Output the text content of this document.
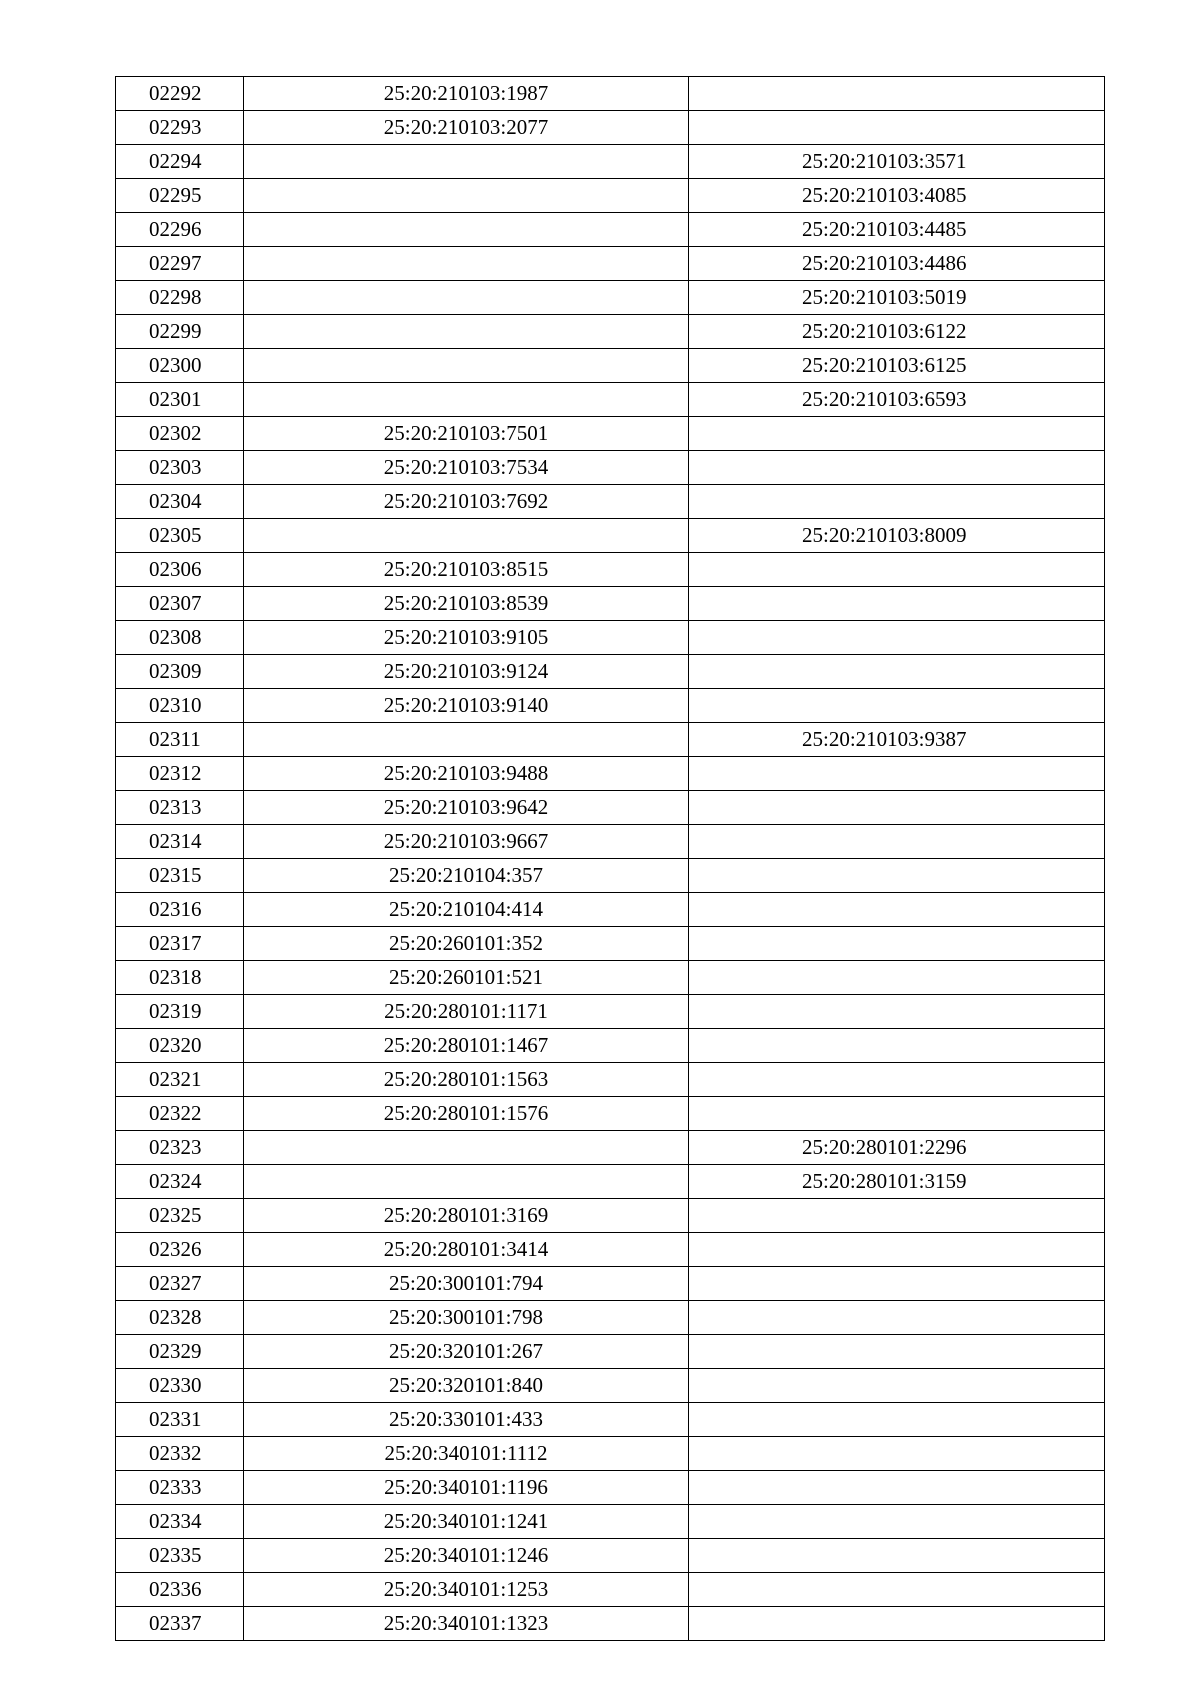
02292	25:20:210103:1987	
02293	25:20:210103:2077	
02294		25:20:210103:3571
02295		25:20:210103:4085
02296		25:20:210103:4485
02297		25:20:210103:4486
02298		25:20:210103:5019
02299		25:20:210103:6122
02300		25:20:210103:6125
02301		25:20:210103:6593
02302	25:20:210103:7501	
02303	25:20:210103:7534	
02304	25:20:210103:7692	
02305		25:20:210103:8009
02306	25:20:210103:8515	
02307	25:20:210103:8539	
02308	25:20:210103:9105	
02309	25:20:210103:9124	
02310	25:20:210103:9140	
02311		25:20:210103:9387
02312	25:20:210103:9488	
02313	25:20:210103:9642	
02314	25:20:210103:9667	
02315	25:20:210104:357	
02316	25:20:210104:414	
02317	25:20:260101:352	
02318	25:20:260101:521	
02319	25:20:280101:1171	
02320	25:20:280101:1467	
02321	25:20:280101:1563	
02322	25:20:280101:1576	
02323		25:20:280101:2296
02324		25:20:280101:3159
02325	25:20:280101:3169	
02326	25:20:280101:3414	
02327	25:20:300101:794	
02328	25:20:300101:798	
02329	25:20:320101:267	
02330	25:20:320101:840	
02331	25:20:330101:433	
02332	25:20:340101:1112	
02333	25:20:340101:1196	
02334	25:20:340101:1241	
02335	25:20:340101:1246	
02336	25:20:340101:1253	
02337	25:20:340101:1323	
